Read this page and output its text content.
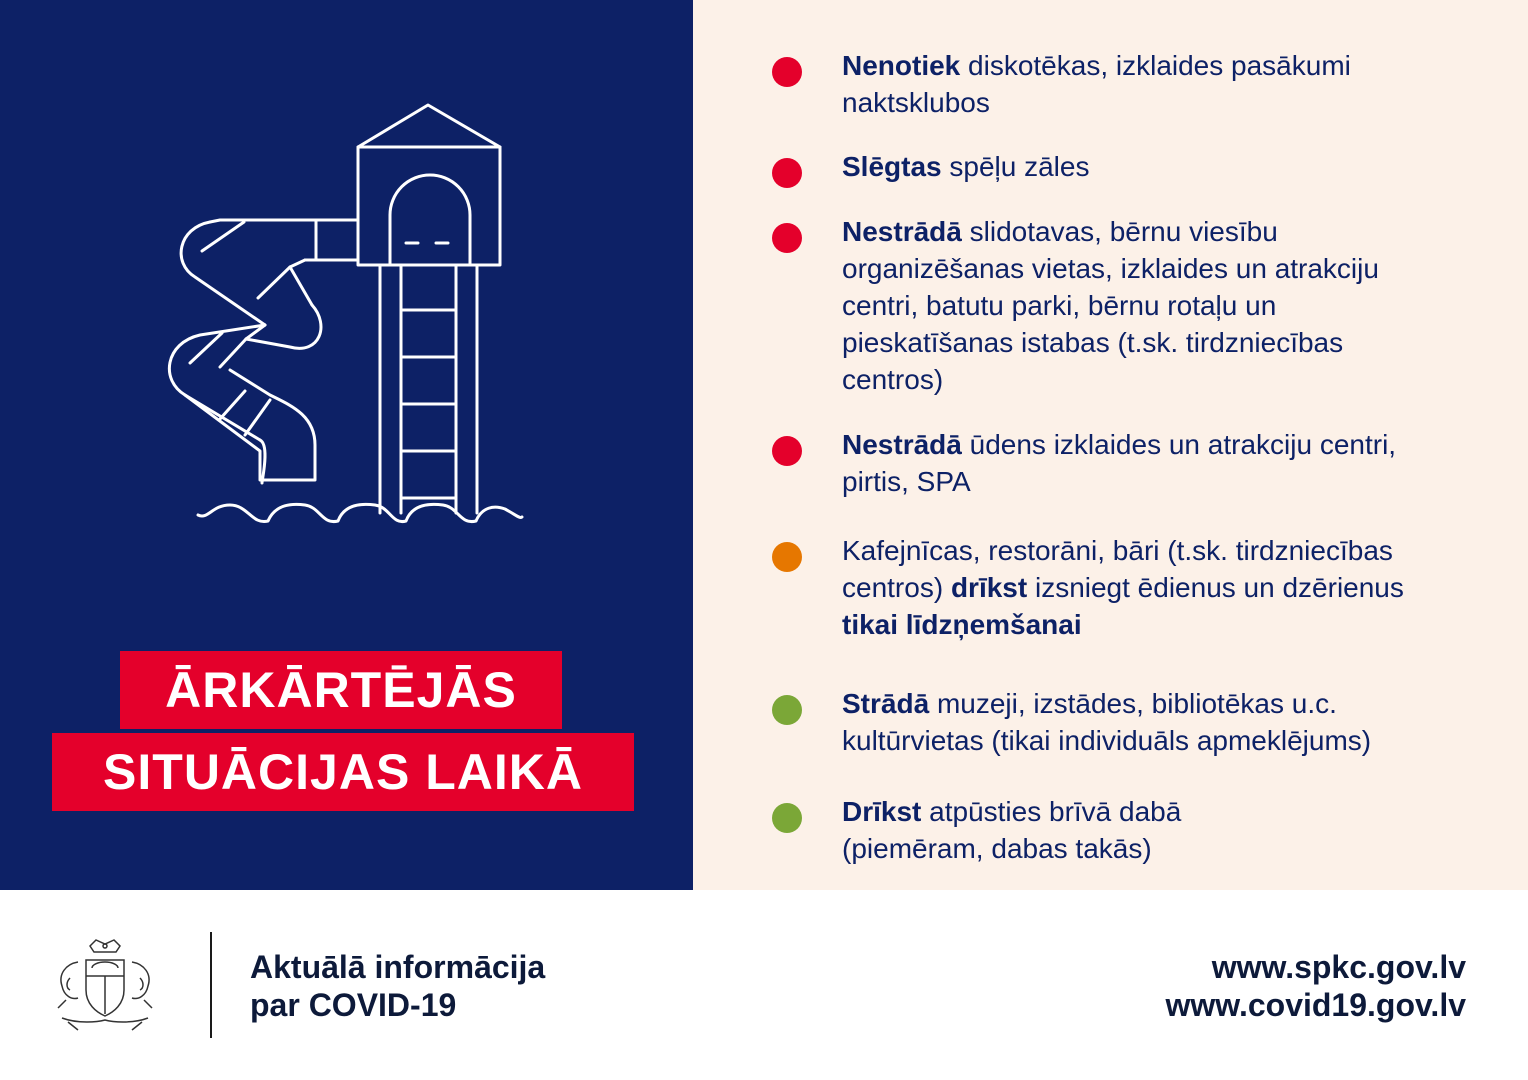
ĀRKĀRTĒJĀS
SITUĀCIJAS LAIKĀ
Nenotiek diskotēkas, izklaides pasākumi
naktsklubos
Slēgtas spēļu zāles
Nestrādā slidotavas, bērnu viesību
organizēšanas vietas, izklaides un atrakciju
centri, batutu parki, bērnu rotaļu un
pieskatīšanas istabas (t.sk. tirdzniecības
centros)
Nestrādā ūdens izklaides un atrakciju centri,
pirtis, SPA
Kafejnīcas, restorāni, bāri (t.sk. tirdzniecības
centros) drīkst izsniegt ēdienus un dzērienus
tikai līdzņemšanai
Strādā muzeji, izstādes, bibliotēkas u.c.
kultūrvietas (tikai individuāls apmeklējums)
Drīkst atpūsties brīvā dabā
(piemēram, dabas takās)
Aktuālā informācija
par COVID-19
www.spkc.gov.lv
www.covid19.gov.lv
